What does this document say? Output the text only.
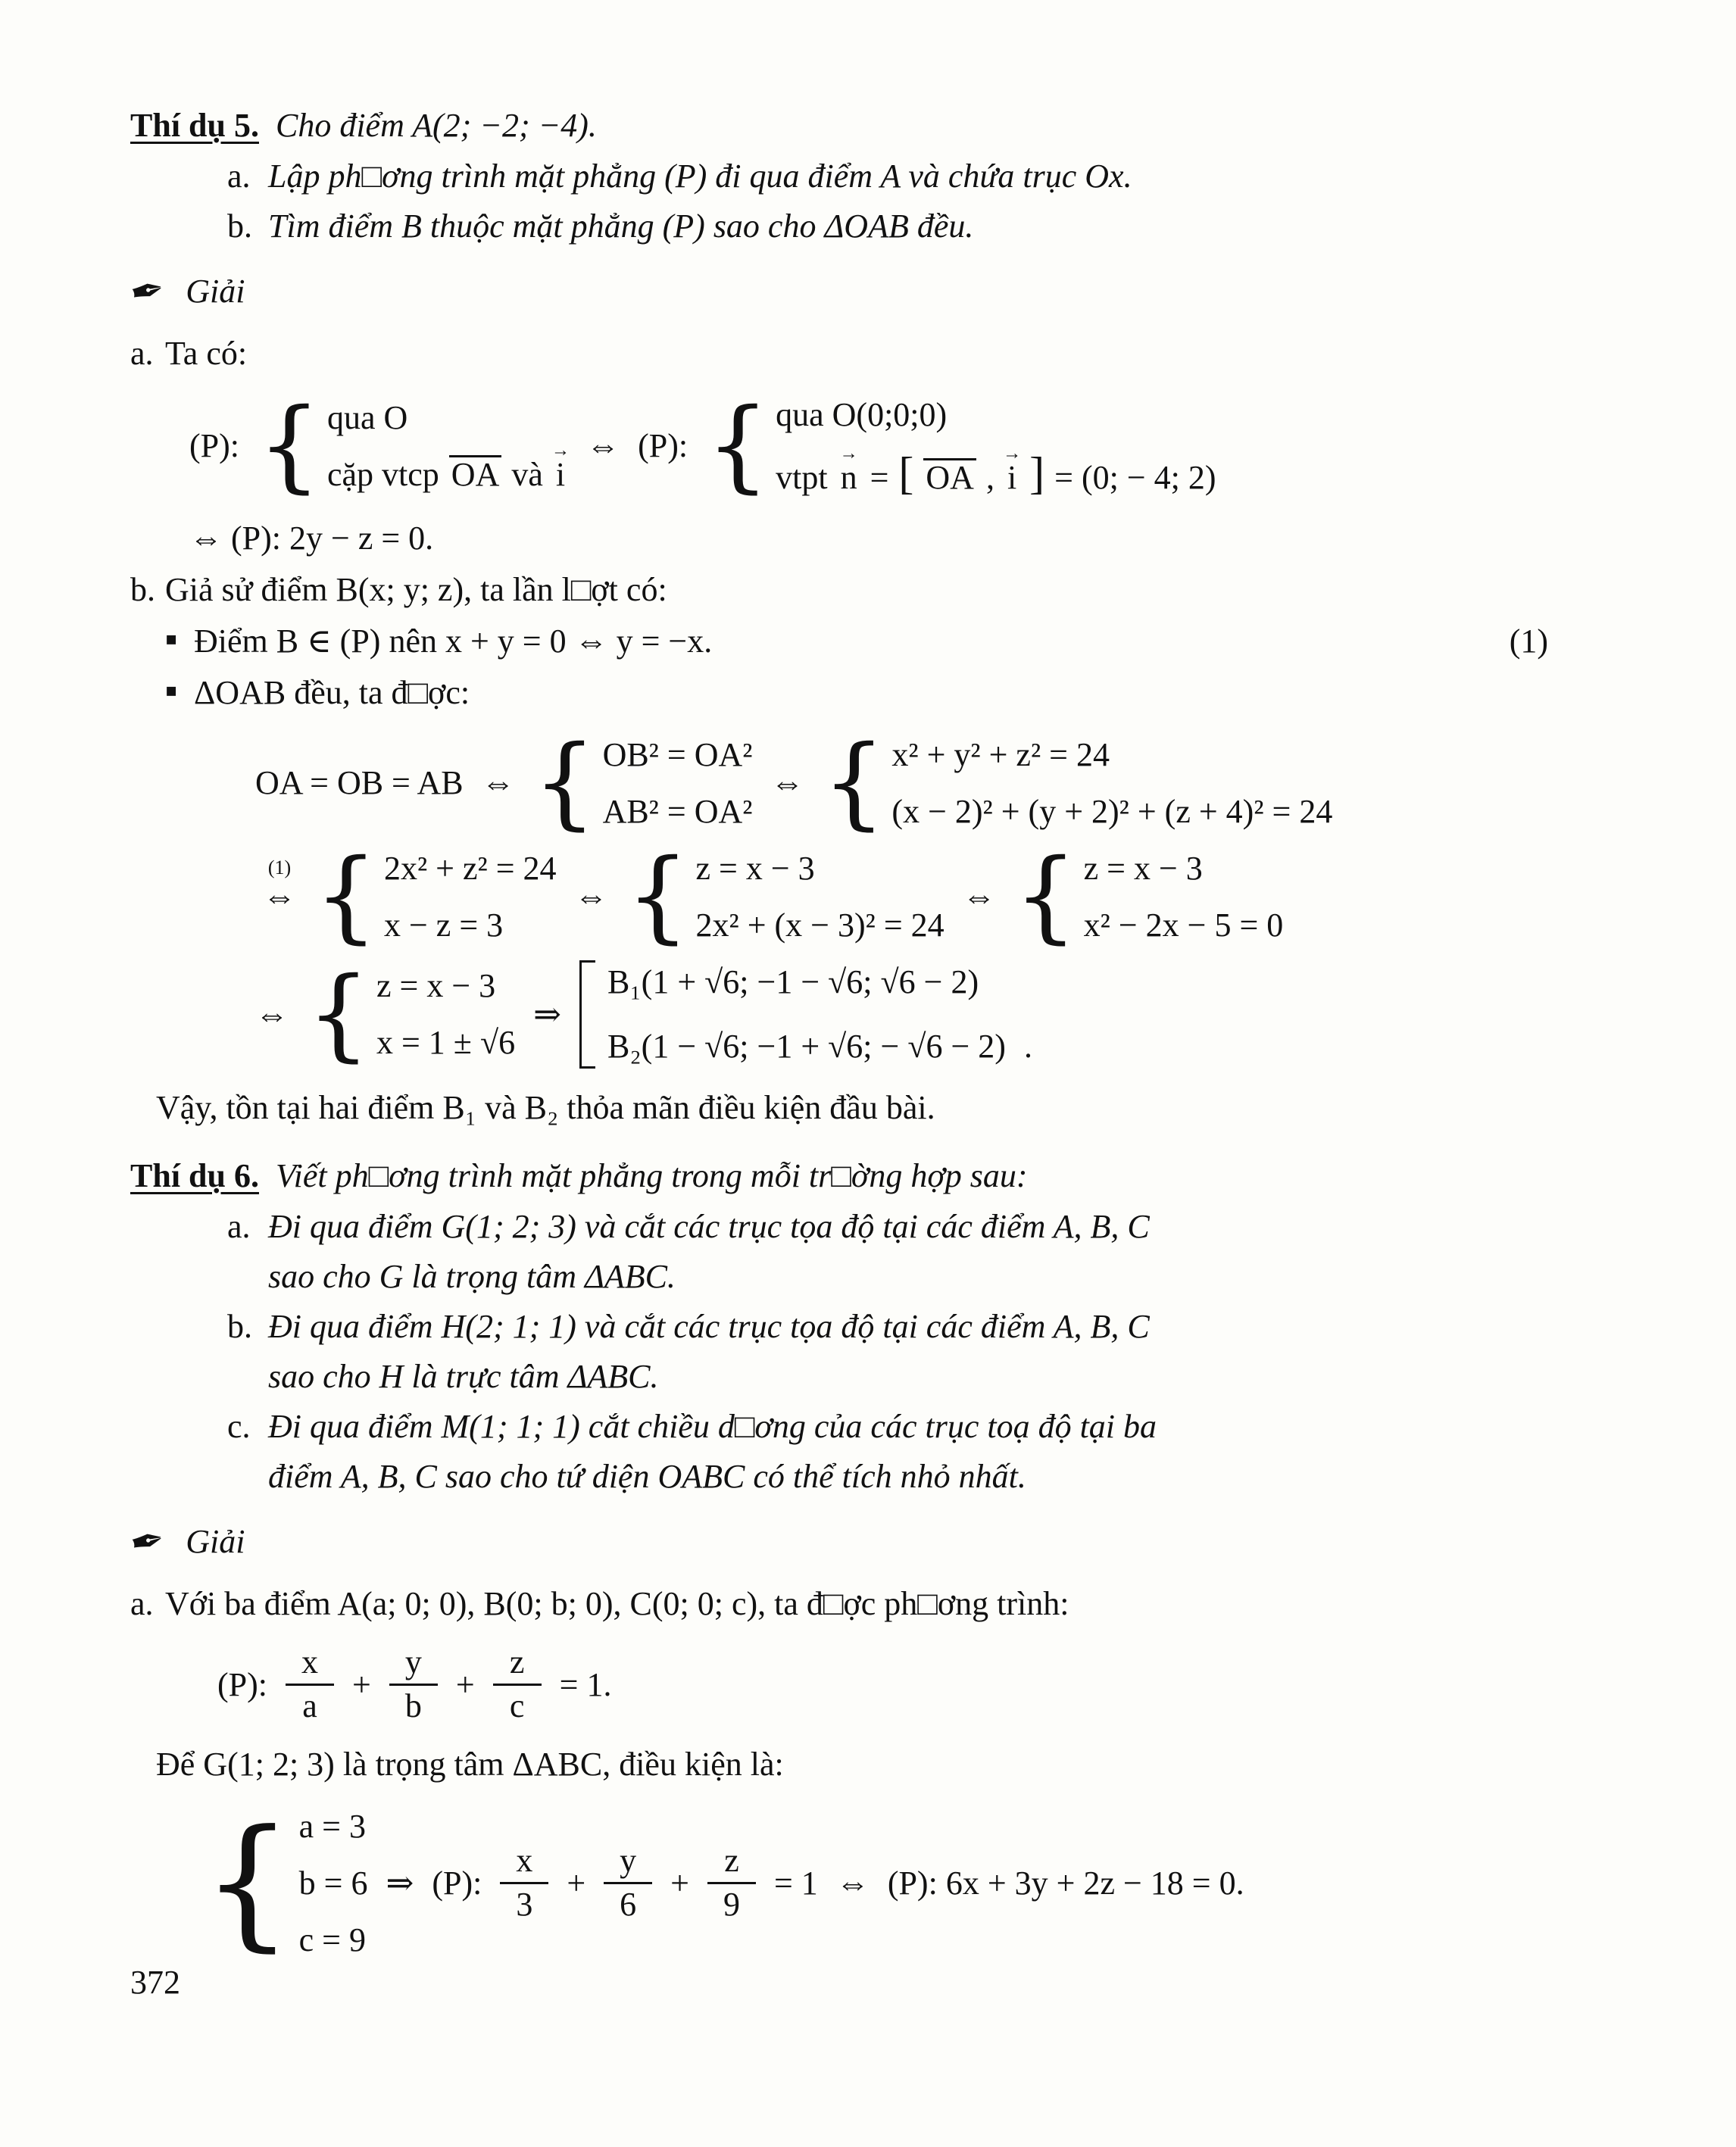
Thí dụ 5. Cho điểm A(2; −2; −4).
a. Lập ph□ơng trình mặt phẳng (P) đi qua điểm A và chứa trục Ox.
b. Tìm điểm B thuộc mặt phẳng (P) sao cho ΔOAB đều.
✒ Giải
a. Ta có:
(P): { qua O
cặp vtcp OA và i →
⇔ (P): { qua O(0;0;0)
vtpt n → = [ OA , i → ] = (0; − 4; 2)
⇔ (P): 2y − z = 0.
b. Giả sử điểm B(x; y; z), ta lần l□ợt có:
▪ Điểm B ∈ (P) nên x + y = 0 ⇔ y = −x.	(1)
▪ ΔOAB đều, ta đ□ợc:
OA = OB = AB ⇔ { OB² = OA²
AB² = OA²
⇔ { x² + y² + z² = 24
(x − 2)² + (y + 2)² + (z + 4)² = 24
(1)
⇔ { 2x² + z² = 24
x − z = 3
⇔ { z = x − 3
2x² + (x − 3)² = 24
⇔ { z = x − 3
x² − 2x − 5 = 0
⇔ { z = x − 3
x = 1 ± √6
⇒
B₁(1 + √6; −1 − √6; √6 − 2)
B₂(1 − √6; −1 + √6; − √6 − 2) .
Vậy, tồn tại hai điểm B₁ và B₂ thỏa mãn điều kiện đầu bài.
Thí dụ 6. Viết ph□ơng trình mặt phẳng trong mỗi tr□ờng hợp sau:
a. Đi qua điểm G(1; 2; 3) và cắt các trục tọa độ tại các điểm A, B, C
sao cho G là trọng tâm ΔABC.
b. Đi qua điểm H(2; 1; 1) và cắt các trục tọa độ tại các điểm A, B, C
sao cho H là trực tâm ΔABC.
c. Đi qua điểm M(1; 1; 1) cắt chiều d□ơng của các trục toạ độ tại ba
điểm A, B, C sao cho tứ diện OABC có thể tích nhỏ nhất.
✒ Giải
a. Với ba điểm A(a; 0; 0), B(0; b; 0), C(0; 0; c), ta đ□ợc ph□ơng trình:
(P): $\frac{x}{a} + \frac{y}{b} + \frac{z}{c} = 1$.
Để G(1; 2; 3) là trọng tâm ΔABC, điều kiện là:
{ a = 3
b = 6
c = 9
⇒ (P): $\frac{x}{3} + \frac{y}{6} + \frac{z}{9} = 1$ ⇔ (P): 6x + 3y + 2z − 18 = 0.
372
